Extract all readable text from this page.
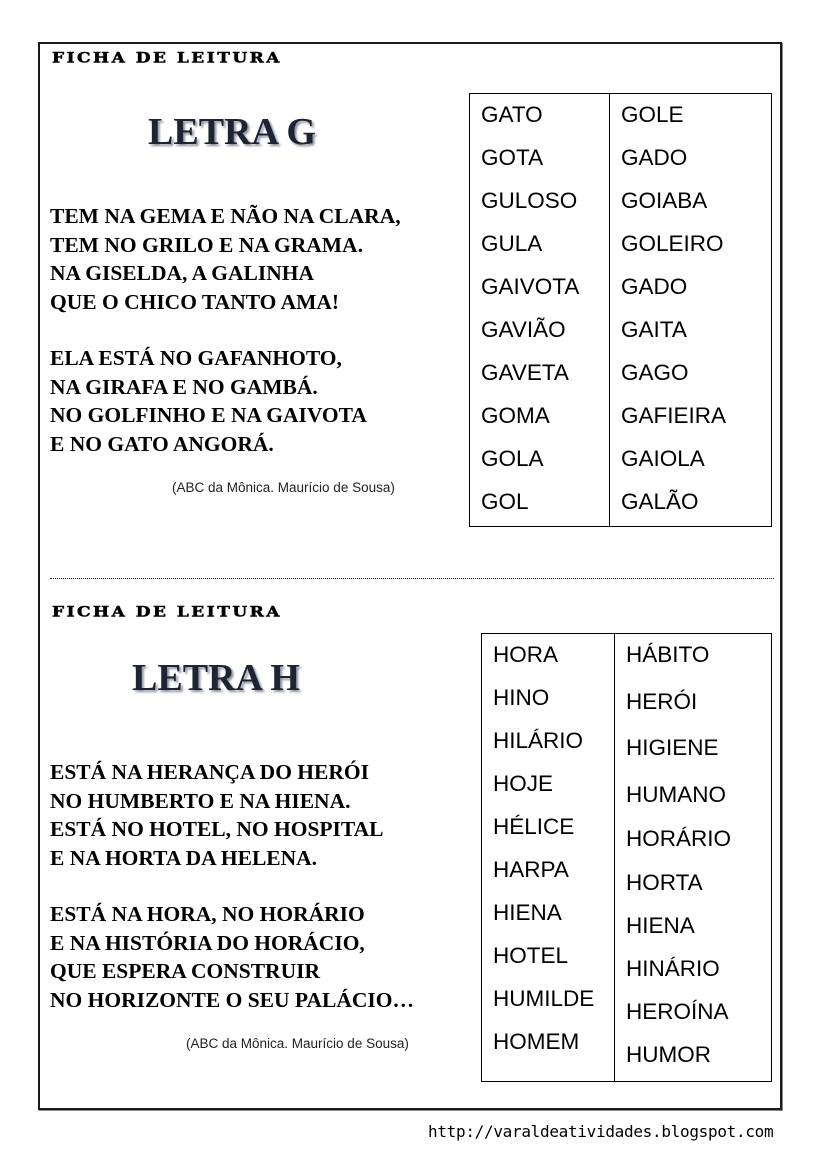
FICHA DE LEITURA
LETRA G
TEM NA GEMA E NÃO NA CLARA,
TEM NO GRILO E NA GRAMA.
NA GISELDA, A GALINHA
QUE O CHICO TANTO AMA!
ELA ESTÁ NO GAFANHOTO,
NA GIRAFA E NO GAMBÁ.
NO GOLFINHO E NA GAIVOTA
E NO GATO ANGORÁ.
(ABC da Mônica. Maurício de Sousa)
GATO
GOTA
GULOSO
GULA
GAIVOTA
GAVIÃO
GAVETA
GOMA
GOLA
GOL
GOLE
GADO
GOIABA
GOLEIRO
GADO
GAITA
GAGO
GAFIEIRA
GAIOLA
GALÃO
FICHA DE LEITURA
LETRA H
ESTÁ NA HERANÇA DO HERÓI
NO HUMBERTO E NA HIENA.
ESTÁ NO HOTEL, NO HOSPITAL
E NA HORTA DA HELENA.
ESTÁ NA HORA, NO HORÁRIO
E NA HISTÓRIA DO HORÁCIO,
QUE ESPERA CONSTRUIR
NO HORIZONTE O SEU PALÁCIO…
(ABC da Mônica. Maurício de Sousa)
HORA
HINO
HILÁRIO
HOJE
HÉLICE
HARPA
HIENA
HOTEL
HUMILDE
HOMEM
HÁBITO
HERÓI
HIGIENE
HUMANO
HORÁRIO
HORTA
HIENA
HINÁRIO
HEROÍNA
HUMOR
http://varaldeatividades.blogspot.com
